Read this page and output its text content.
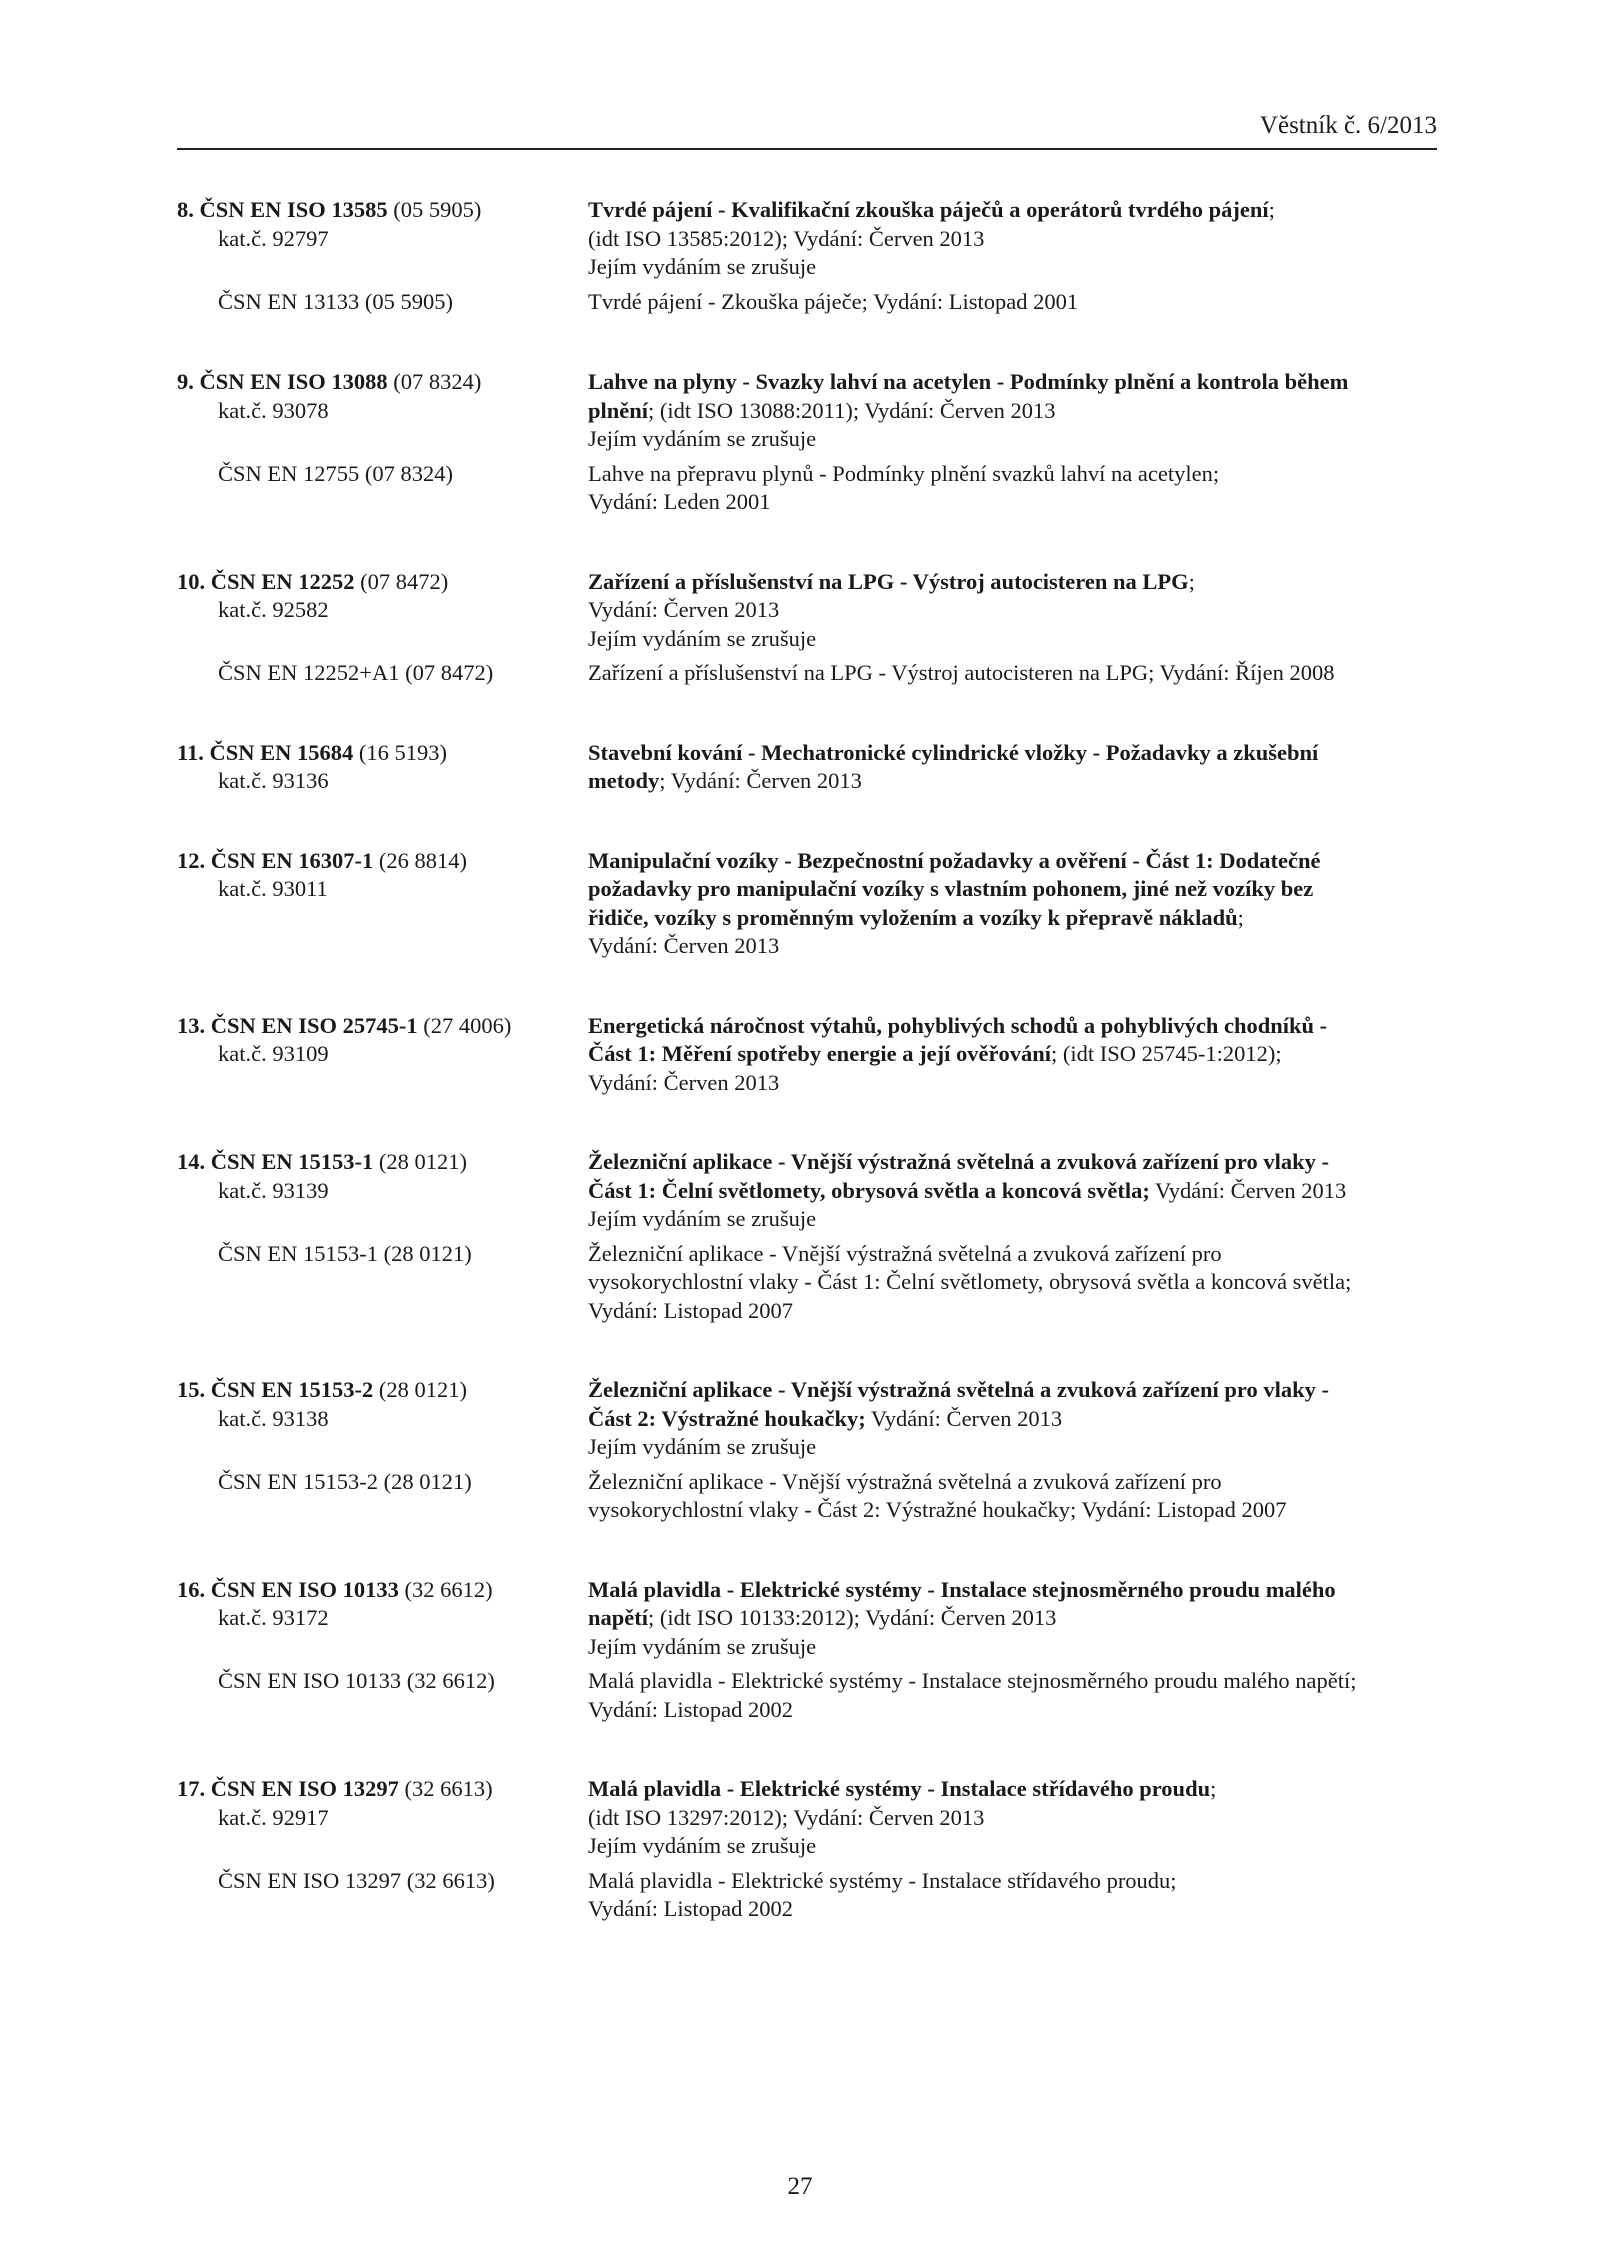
Věstník č. 6/2013
8. ČSN EN ISO 13585 (05 5905)	Tvrdé pájení - Kvalifikační zkouška páječů a operátorů tvrdého pájení;
kat.č. 92797	(idt ISO 13585:2012); Vydání: Červen 2013
Jejím vydáním se zrušuje
ČSN EN 13133 (05 5905)	Tvrdé pájení - Zkouška páječe; Vydání: Listopad 2001
9. ČSN EN ISO 13088 (07 8324)	Lahve na plyny - Svazky lahví na acetylen - Podmínky plnění a kontrola během
kat.č. 93078	plnění; (idt ISO 13088:2011); Vydání: Červen 2013
Jejím vydáním se zrušuje
ČSN EN 12755 (07 8324)	Lahve na přepravu plynů - Podmínky plnění svazků lahví na acetylen;
Vydání: Leden 2001
10. ČSN EN 12252 (07 8472)	Zařízení a příslušenství na LPG - Výstroj autocisteren na LPG;
kat.č. 92582	Vydání: Červen 2013
Jejím vydáním se zrušuje
ČSN EN 12252+A1 (07 8472)	Zařízení a příslušenství na LPG - Výstroj autocisteren na LPG; Vydání: Říjen 2008
11. ČSN EN 15684 (16 5193)	Stavební kování - Mechatronické cylindrické vložky - Požadavky a zkušební
kat.č. 93136	metody; Vydání: Červen 2013
12. ČSN EN 16307-1 (26 8814)	Manipulační vozíky - Bezpečnostní požadavky a ověření - Část 1: Dodatečné
kat.č. 93011	požadavky pro manipulační vozíky s vlastním pohonem, jiné než vozíky bez
řidiče, vozíky s proměnným vyložením a vozíky k přepravě nákladů;
Vydání: Červen 2013
13. ČSN EN ISO 25745-1 (27 4006)	Energetická náročnost výtahů, pohyblivých schodů a pohyblivých chodníků -
kat.č. 93109	Část 1: Měření spotřeby energie a její ověřování; (idt ISO 25745-1:2012);
Vydání: Červen 2013
14. ČSN EN 15153-1 (28 0121)	Železniční aplikace - Vnější výstražná světelná a zvuková zařízení pro vlaky -
kat.č. 93139	Část 1: Čelní světlomety, obrysová světla a koncová světla; Vydání: Červen 2013
Jejím vydáním se zrušuje
ČSN EN 15153-1 (28 0121)	Železniční aplikace - Vnější výstražná světelná a zvuková zařízení pro
vysokorychlostní vlaky - Část 1: Čelní světlomety, obrysová světla a koncová světla;
Vydání: Listopad 2007
15. ČSN EN 15153-2 (28 0121)	Železniční aplikace - Vnější výstražná světelná a zvuková zařízení pro vlaky -
kat.č. 93138	Část 2: Výstražné houkačky; Vydání: Červen 2013
Jejím vydáním se zrušuje
ČSN EN 15153-2 (28 0121)	Železniční aplikace - Vnější výstražná světelná a zvuková zařízení pro
vysokorychlostní vlaky - Část 2: Výstražné houkačky; Vydání: Listopad 2007
16. ČSN EN ISO 10133 (32 6612)	Malá plavidla - Elektrické systémy - Instalace stejnosměrného proudu malého
kat.č. 93172	napětí; (idt ISO 10133:2012); Vydání: Červen 2013
Jejím vydáním se zrušuje
ČSN EN ISO 10133 (32 6612)	Malá plavidla - Elektrické systémy - Instalace stejnosměrného proudu malého napětí;
Vydání: Listopad 2002
17. ČSN EN ISO 13297 (32 6613)	Malá plavidla - Elektrické systémy - Instalace střídavého proudu;
kat.č. 92917	(idt ISO 13297:2012); Vydání: Červen 2013
Jejím vydáním se zrušuje
ČSN EN ISO 13297 (32 6613)	Malá plavidla - Elektrické systémy - Instalace střídavého proudu;
Vydání: Listopad 2002
27
